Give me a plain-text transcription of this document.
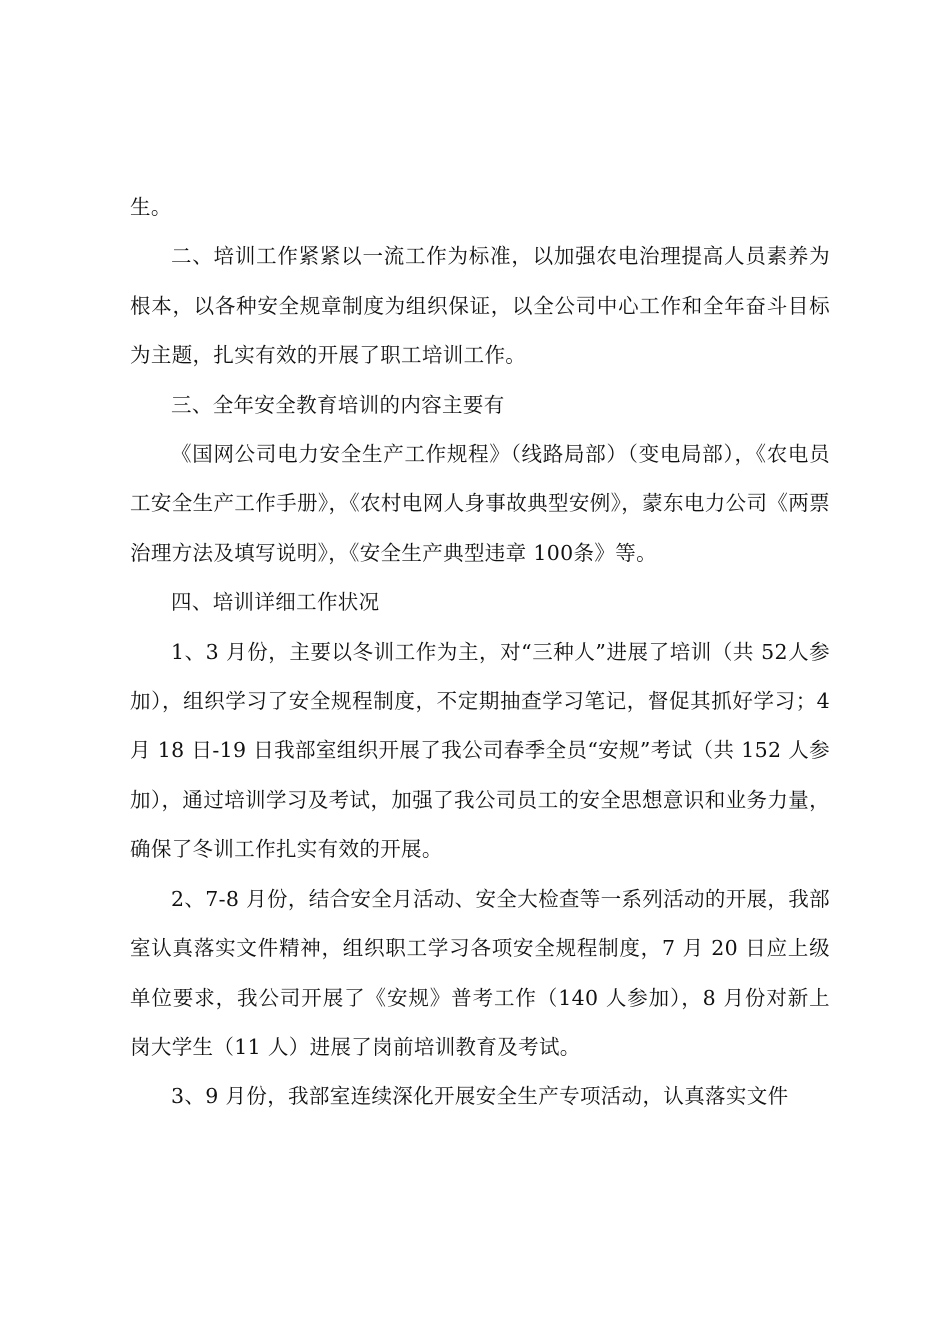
生。

二、培训工作紧紧以一流工作为标准，以加强农电治理提高人员素养为根本，以各种安全规章制度为组织保证，以全公司中心工作和全年奋斗目标为主题，扎实有效的开展了职工培训工作。

三、全年安全教育培训的内容主要有

《国网公司电力安全生产工作规程》（线路局部）（变电局部），《农电员工安全生产工作手册》，《农村电网人身事故典型安例》，蒙东电力公司《两票治理方法及填写说明》，《安全生产典型违章 100条》等。

四、培训详细工作状况

1、3 月份，主要以冬训工作为主，对“三种人”进展了培训（共 52人参加），组织学习了安全规程制度，不定期抽查学习笔记，督促其抓好学习；4 月 18 日-19 日我部室组织开展了我公司春季全员“安规”考试（共 152 人参加），通过培训学习及考试，加强了我公司员工的安全思想意识和业务力量，确保了冬训工作扎实有效的开展。

2、7-8 月份，结合安全月活动、安全大检查等一系列活动的开展，我部室认真落实文件精神，组织职工学习各项安全规程制度，7 月 20 日应上级单位要求，我公司开展了《安规》普考工作（140 人参加），8 月份对新上岗大学生（11 人）进展了岗前培训教育及考试。

3、9 月份，我部室连续深化开展安全生产专项活动，认真落实文件
